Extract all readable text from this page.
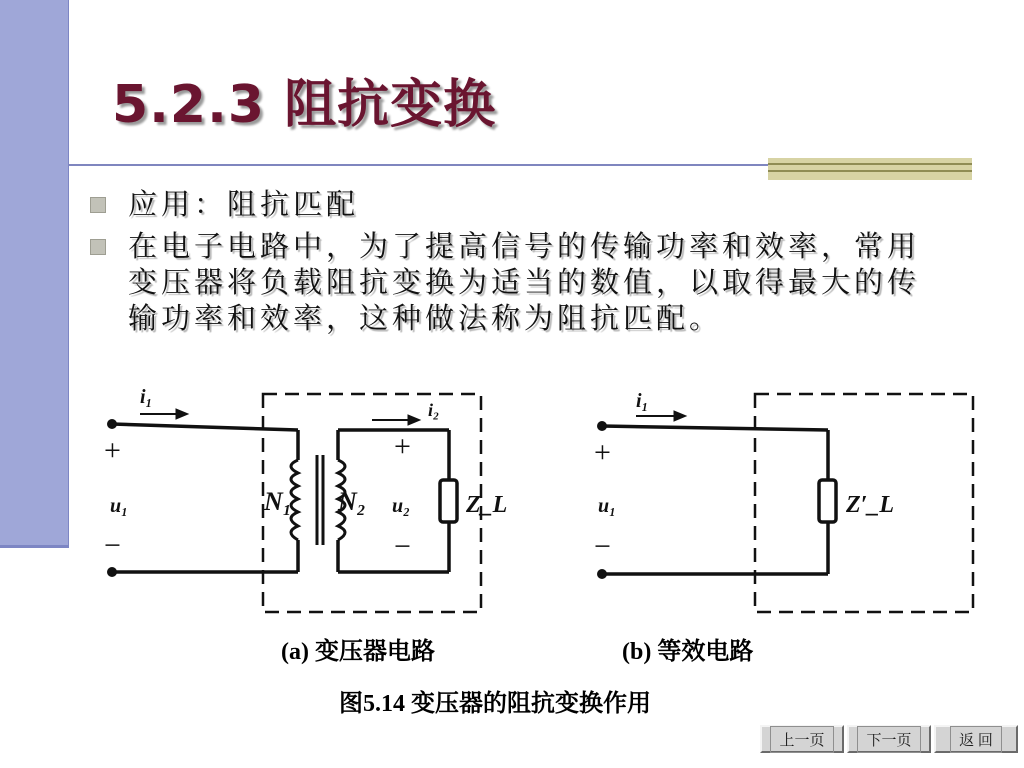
5.2.3 阻抗变换
应用：阻抗匹配
在电子电路中，为了提高信号的传输功率和效率，常用变压器将负载阻抗变换为适当的数值，以取得最大的传输功率和效率，这种做法称为阻抗匹配。
i₁
i₂
+
−
u₁	N₁ N₂
+
−
u₂ Z_L
i₁
+
−
u₁	Z′_L
(a) 变压器电路	(b) 等效电路
图5.14 变压器的阻抗变换作用
上一页	下一页	返 回
